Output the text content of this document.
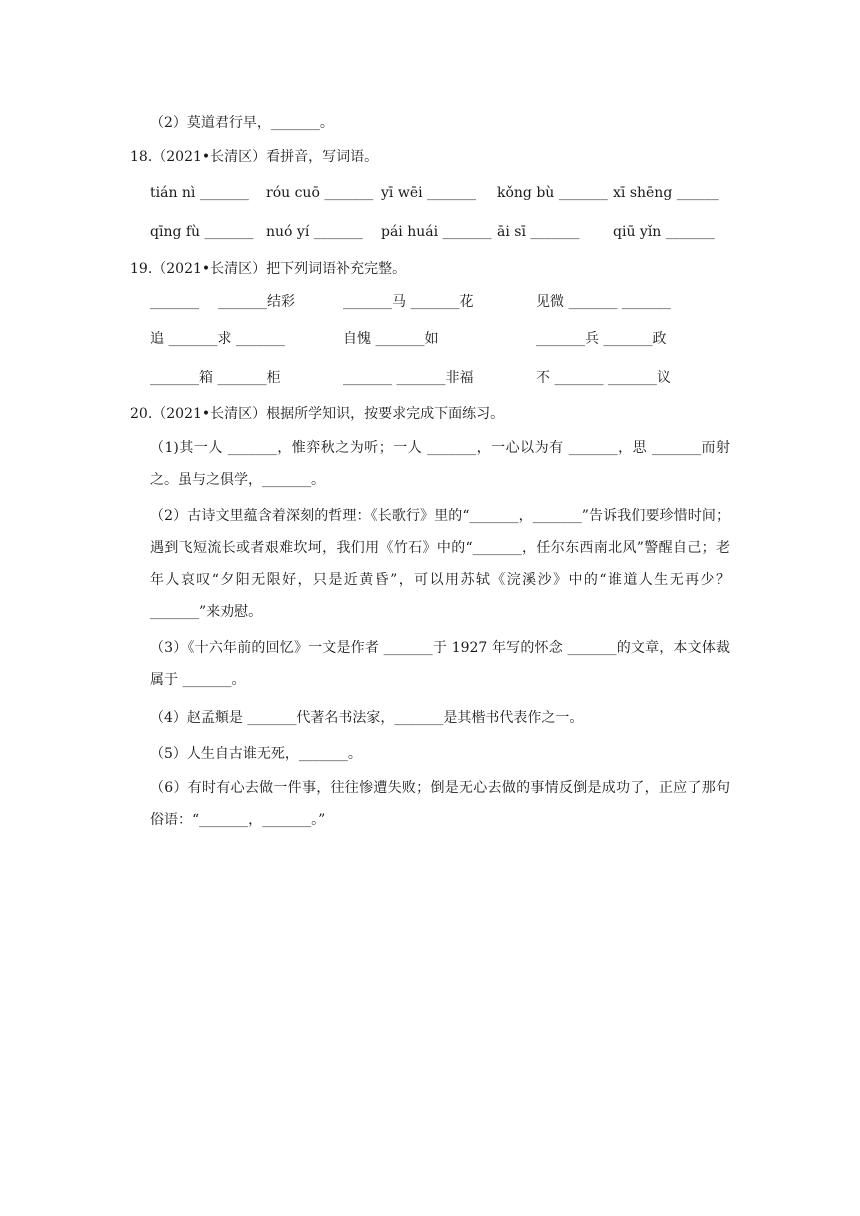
（2）莫道君行早，_______。
18.（2021•长清区）看拼音，写词语。
tián nì _______ róu cuō _______ yī wēi _______ kǒng bù _______ xī shēng ______
qīng fù _______ nuó yí _______ pái huái _______ āi sī _______ qiū yǐn _______
19.（2021•长清区）把下列词语补充完整。
_______ _______结彩	_______马 _______花	见微 _______ _______
追 _______求 _______	自愧 _______如	_______兵 _______政
_______箱 _______柜	_______ _______非福	不 _______ _______议
20.（2021•长清区）根据所学知识，按要求完成下面练习。
（1)其一人 _______，惟弈秋之为听；一人 _______，一心以为有 _______，思 _______而射之。虽与之俱学，_______。
（2）古诗文里蕴含着深刻的哲理：《长歌行》里的“_______，_______”告诉我们要珍惜时间；遇到飞短流长或者艰难坎坷，我们用《竹石》中的“_______，任尔东西南北风”警醒自己；老年人哀叹“夕阳无限好，只是近黄昏”，可以用苏轼《浣溪沙》中的“谁道人生无再少？_______”来劝慰。
（3）《十六年前的回忆》一文是作者 _______于 1927 年写的怀念 _______的文章，本文体裁属于 _______。
（4）赵孟頫是 _______代著名书法家，_______是其楷书代表作之一。
（5）人生自古谁无死，_______。
（6）有时有心去做一件事，往往惨遭失败；倒是无心去做的事情反倒是成功了，正应了那句俗语：“_______，_______。”
